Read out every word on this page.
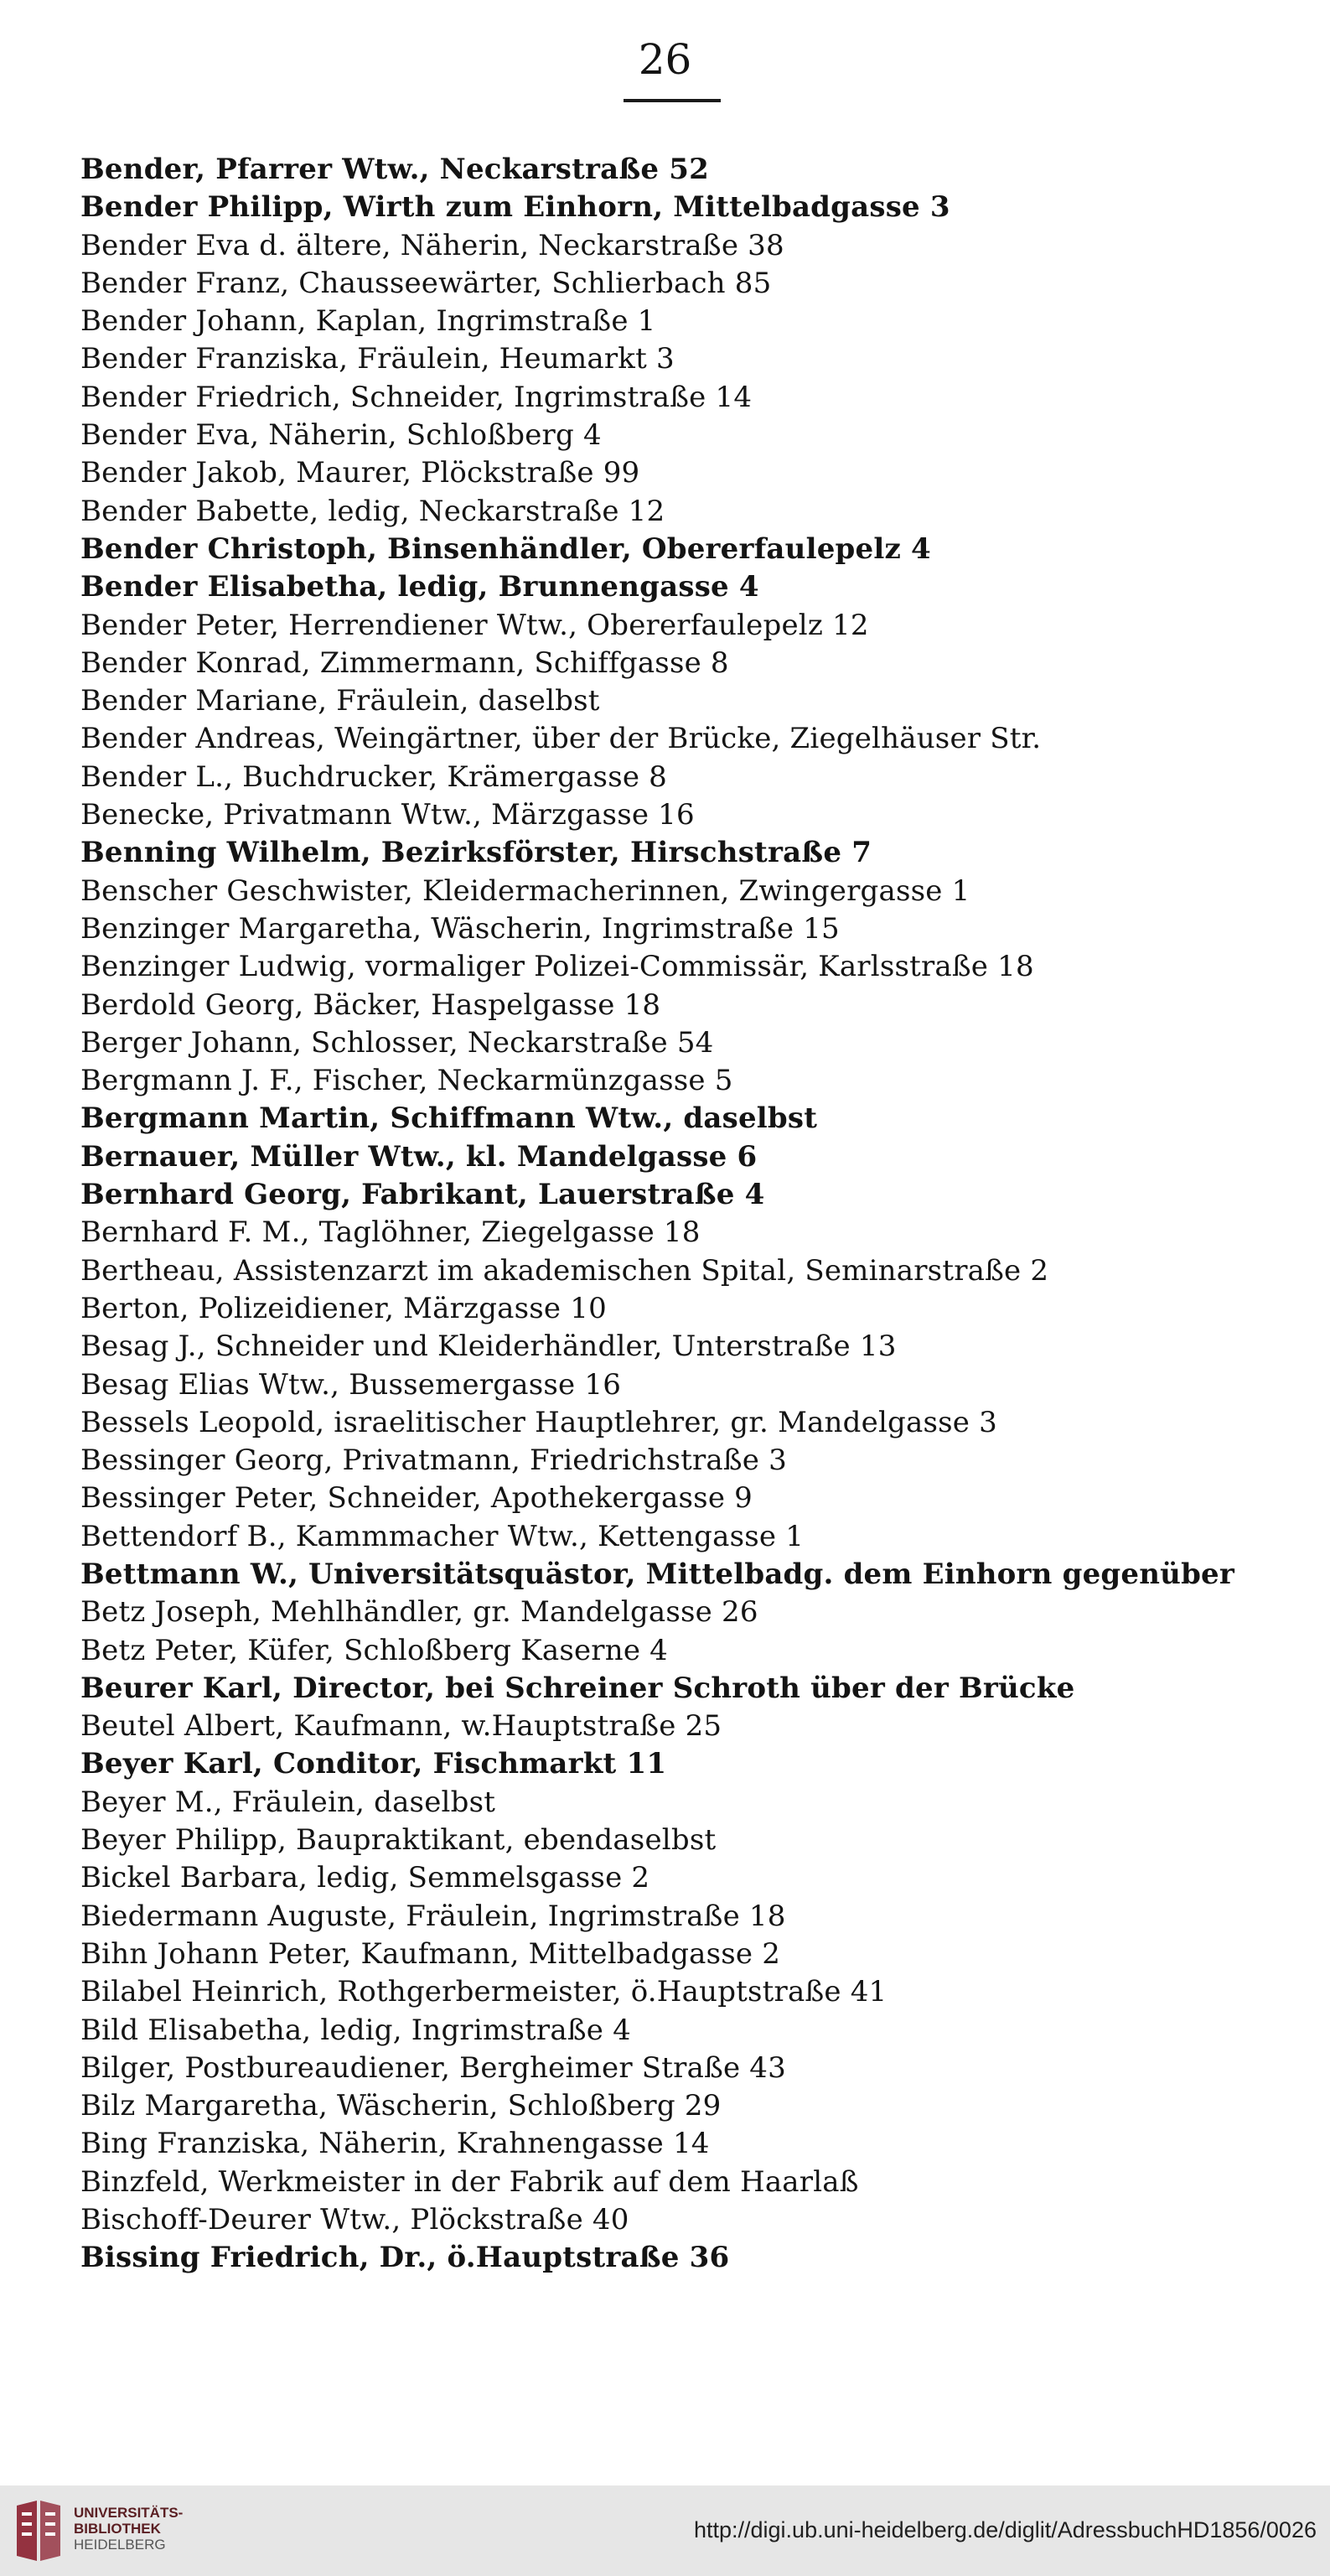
26
Bender, Pfarrer Wtw., Neckarstraße 52
Bender Philipp, Wirth zum Einhorn, Mittelbadgasse 3
Bender Eva d. ältere, Näherin, Neckarstraße 38
Bender Franz, Chausseewärter, Schlierbach 85
Bender Johann, Kaplan, Ingrimstraße 1
Bender Franziska, Fräulein, Heumarkt 3
Bender Friedrich, Schneider, Ingrimstraße 14
Bender Eva, Näherin, Schloßberg 4
Bender Jakob, Maurer, Plöckstraße 99
Bender Babette, ledig, Neckarstraße 12
Bender Christoph, Binsenhändler, Obererfaulepelz 4
Bender Elisabetha, ledig, Brunnengasse 4
Bender Peter, Herrendiener Wtw., Obererfaulepelz 12
Bender Konrad, Zimmermann, Schiffgasse 8
Bender Mariane, Fräulein, daselbst
Bender Andreas, Weingärtner, über der Brücke, Ziegelhäuser Str.
Bender L., Buchdrucker, Krämergasse 8
Benecke, Privatmann Wtw., Märzgasse 16
Benning Wilhelm, Bezirksförster, Hirschstraße 7
Benscher Geschwister, Kleidermacherinnen, Zwingergasse 1
Benzinger Margaretha, Wäscherin, Ingrimstraße 15
Benzinger Ludwig, vormaliger Polizei-Commissär, Karlsstraße 18
Berdold Georg, Bäcker, Haspelgasse 18
Berger Johann, Schlosser, Neckarstraße 54
Bergmann J. F., Fischer, Neckarmünzgasse 5
Bergmann Martin, Schiffmann Wtw., daselbst
Bernauer, Müller Wtw., kl. Mandelgasse 6
Bernhard Georg, Fabrikant, Lauerstraße 4
Bernhard F. M., Taglöhner, Ziegelgasse 18
Bertheau, Assistenzarzt im akademischen Spital, Seminarstraße 2
Berton, Polizeidiener, Märzgasse 10
Besag J., Schneider und Kleiderhändler, Unterstraße 13
Besag Elias Wtw., Bussemergasse 16
Bessels Leopold, israelitischer Hauptlehrer, gr. Mandelgasse 3
Bessinger Georg, Privatmann, Friedrichstraße 3
Bessinger Peter, Schneider, Apothekergasse 9
Bettendorf B., Kammmacher Wtw., Kettengasse 1
Bettmann W., Universitätsquästor, Mittelbadg. dem Einhorn gegenüber
Betz Joseph, Mehlhändler, gr. Mandelgasse 26
Betz Peter, Küfer, Schloßberg Kaserne 4
Beurer Karl, Director, bei Schreiner Schroth über der Brücke
Beutel Albert, Kaufmann, w.Hauptstraße 25
Beyer Karl, Conditor, Fischmarkt 11
Beyer M., Fräulein, daselbst
Beyer Philipp, Baupraktikant, ebendaselbst
Bickel Barbara, ledig, Semmelsgasse 2
Biedermann Auguste, Fräulein, Ingrimstraße 18
Bihn Johann Peter, Kaufmann, Mittelbadgasse 2
Bilabel Heinrich, Rothgerbermeister, ö.Hauptstraße 41
Bild Elisabetha, ledig, Ingrimstraße 4
Bilger, Postbureaudiener, Bergheimer Straße 43
Bilz Margaretha, Wäscherin, Schloßberg 29
Bing Franziska, Näherin, Krahnengasse 14
Binzfeld, Werkmeister in der Fabrik auf dem Haarlaß
Bischoff-Deurer Wtw., Plöckstraße 40
Bissing Friedrich, Dr., ö.Hauptstraße 36
UNIVERSITÄTS-
BIBLIOTHEK
HEIDELBERG
http://digi.ub.uni-heidelberg.de/diglit/AdressbuchHD1856/0026
